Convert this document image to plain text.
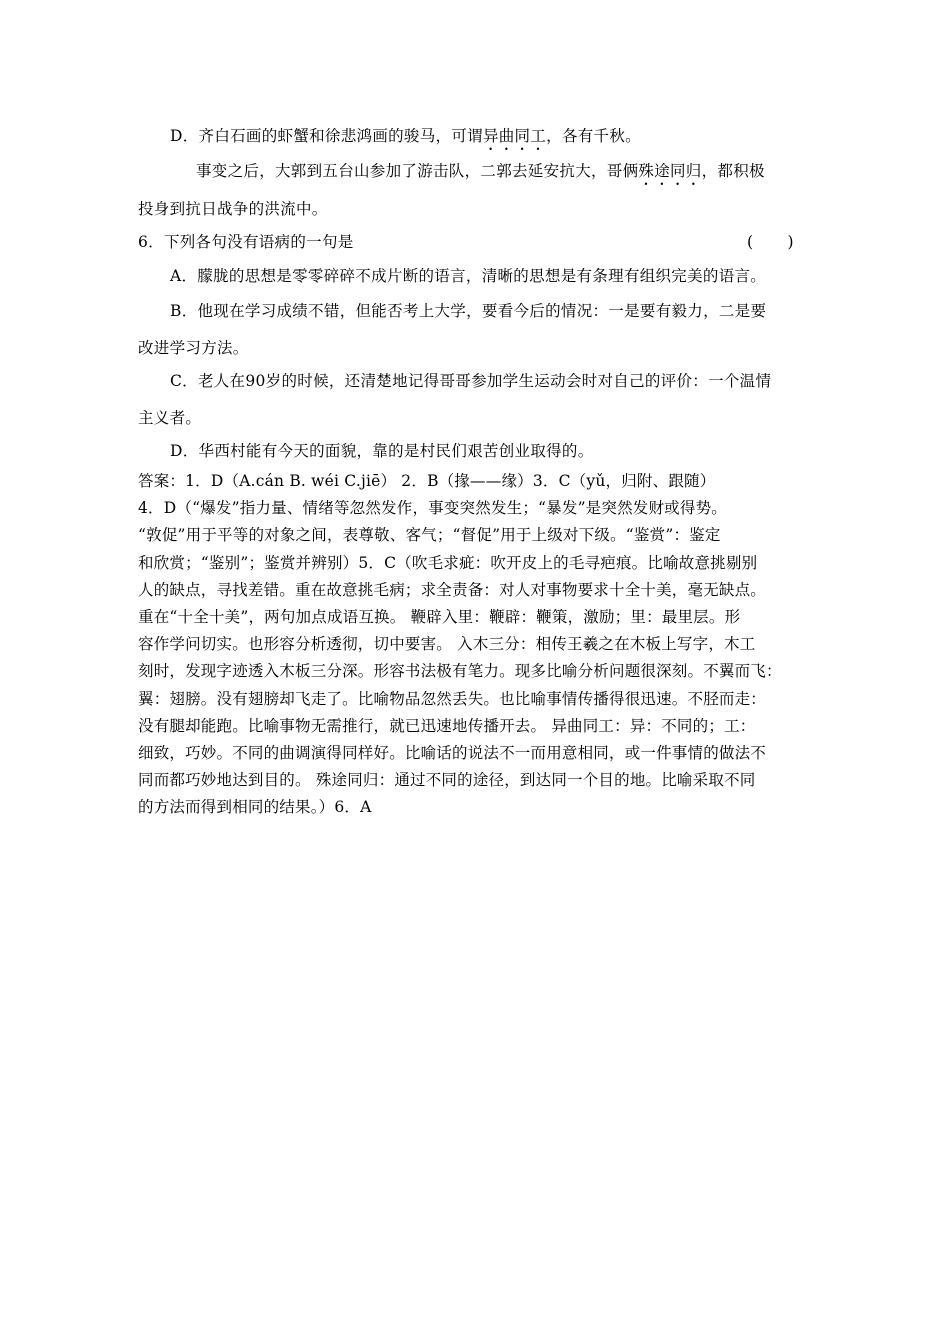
D．齐白石画的虾蟹和徐悲鸿画的骏马，可谓异曲同工，各有千秋。
事变之后，大郭到五台山参加了游击队，二郭去延安抗大，哥俩殊途同归，都积极
投身到抗日战争的洪流中。
6．下列各句没有语病的一句是	(       )
A．朦胧的思想是零零碎碎不成片断的语言，清晰的思想是有条理有组织完美的语言。
B．他现在学习成绩不错，但能否考上大学，要看今后的情况：一是要有毅力，二是要
改进学习方法。
C．老人在90岁的时候，还清楚地记得哥哥参加学生运动会时对自己的评价：一个温情
主义者。
D．华西村能有今天的面貌，靠的是村民们艰苦创业取得的。
答案：1．D（A.cán B. wéi C.jiē） 2．B（掾——缘）3．C（yǔ，归附、跟随）
4．D（“爆发”指力量、情绪等忽然发作，事变突然发生；“暴发”是突然发财或得势。
“敦促”用于平等的对象之间，表尊敬、客气；“督促”用于上级对下级。“鉴赏”：鉴定
和欣赏；“鉴别”；鉴赏并辨别）5．C（吹毛求疵：吹开皮上的毛寻疤痕。比喻故意挑剔别
人的缺点，寻找差错。重在故意挑毛病；求全责备：对人对事物要求十全十美，毫无缺点。
重在“十全十美”，两句加点成语互换。 鞭辟入里：鞭辟：鞭策，激励；里：最里层。形
容作学问切实。也形容分析透彻，切中要害。 入木三分：相传王羲之在木板上写字，木工
刻时，发现字迹透入木板三分深。形容书法极有笔力。现多比喻分析问题很深刻。不翼而飞：
翼：翅膀。没有翅膀却飞走了。比喻物品忽然丢失。也比喻事情传播得很迅速。不胫而走：
没有腿却能跑。比喻事物无需推行，就已迅速地传播开去。 异曲同工：异：不同的；工：
细致，巧妙。不同的曲调演得同样好。比喻话的说法不一而用意相同，或一件事情的做法不
同而都巧妙地达到目的。 殊途同归：通过不同的途径，到达同一个目的地。比喻采取不同
的方法而得到相同的结果。）6．A
